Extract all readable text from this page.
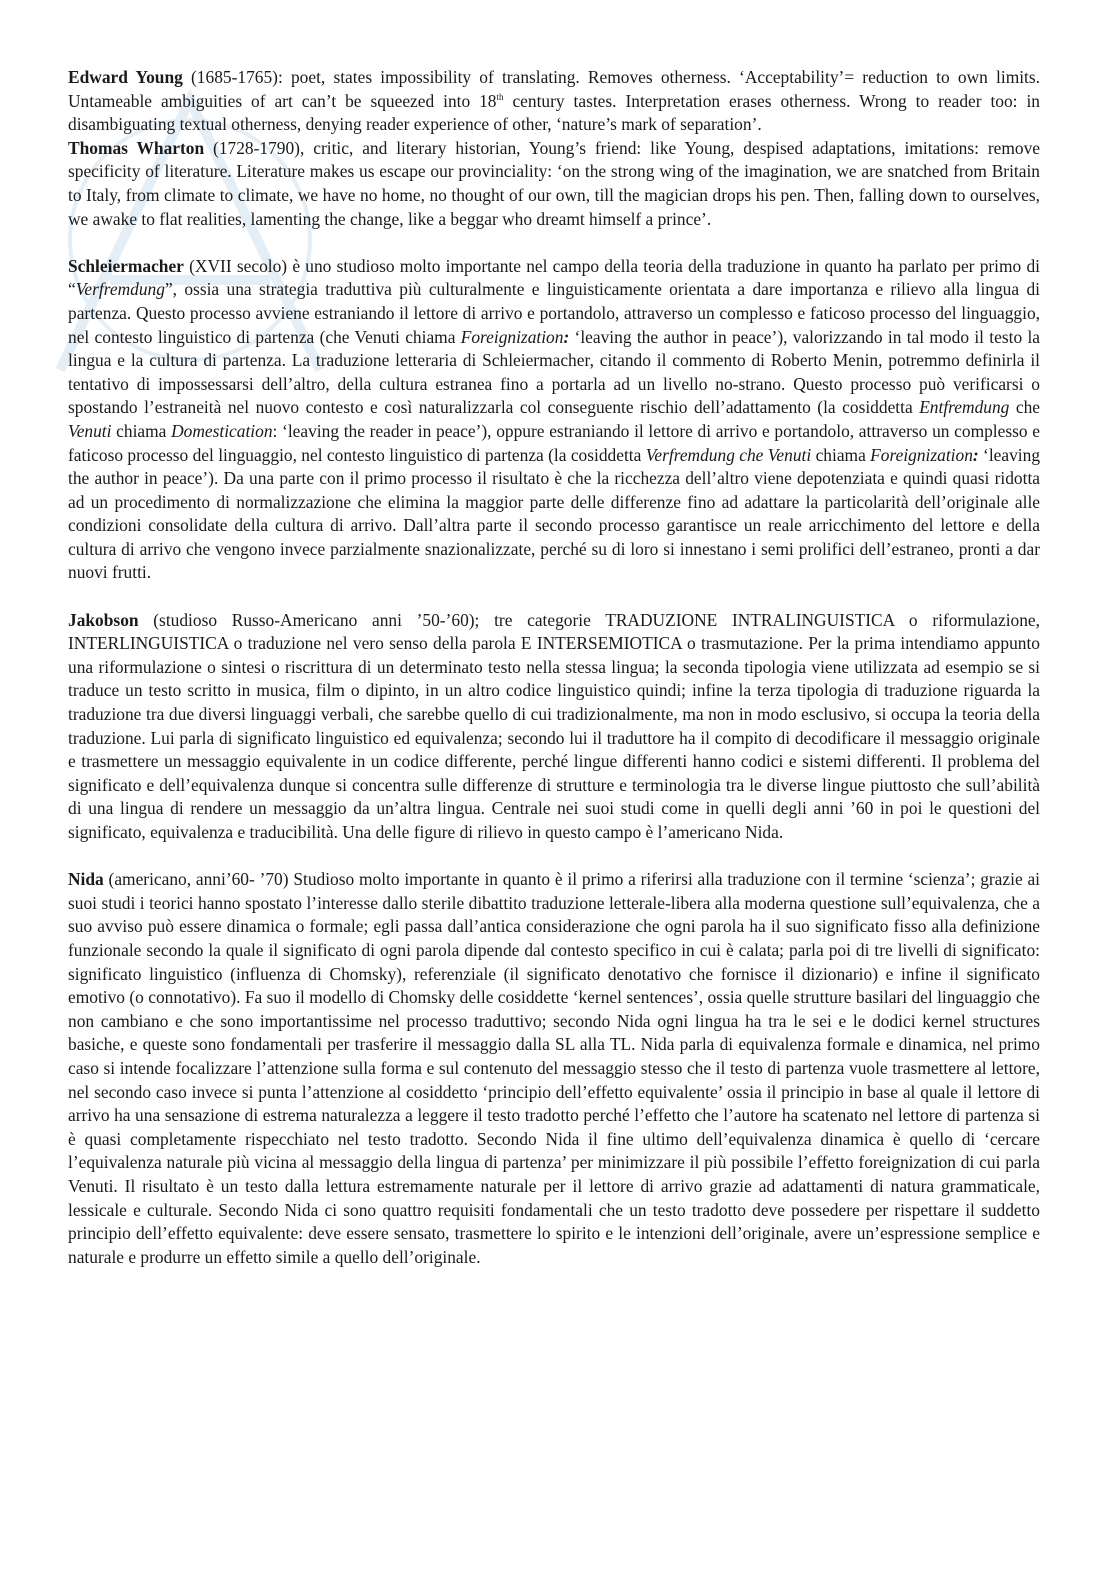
Edward Young (1685-1765): poet, states impossibility of translating. Removes otherness. ‘Acceptability’= reduction to own limits. Untameable ambiguities of art can’t be squeezed into 18th century tastes. Interpretation erases otherness. Wrong to reader too: in disambiguating textual otherness, denying reader experience of other, ‘nature’s mark of separation’.

Thomas Wharton (1728-1790), critic, and literary historian, Young’s friend: like Young, despised adaptations, imitations: remove specificity of literature. Literature makes us escape our provinciality: ‘on the strong wing of the imagination, we are snatched from Britain to Italy, from climate to climate, we have no home, no thought of our own, till the magician drops his pen. Then, falling down to ourselves, we awake to flat realities, lamenting the change, like a beggar who dreamt himself a prince’.

Schleiermacher (XVII secolo) è uno studioso molto importante nel campo della teoria della traduzione in quanto ha parlato per primo di “Verfremdung”, ossia una strategia traduttiva più culturalmente e linguisticamente orientata a dare importanza e rilievo alla lingua di partenza. Questo processo avviene estraniando il lettore di arrivo e portandolo, attraverso un complesso e faticoso processo del linguaggio, nel contesto linguistico di partenza (che Venuti chiama Foreignization: ‘leaving the author in peace’), valorizzando in tal modo il testo la lingua e la cultura di partenza. La traduzione letteraria di Schleiermacher, citando il commento di Roberto Menin, potremmo definirla il tentativo di impossessarsi dell’altro, della cultura estranea fino a portarla ad un livello no-strano. Questo processo può verificarsi o spostando l’estraneità nel nuovo contesto e così naturalizzarla col conseguente rischio dell’adattamento (la cosiddetta Entfremdung che Venuti chiama Domestication: ‘leaving the reader in peace’), oppure estraniando il lettore di arrivo e portandolo, attraverso un complesso e faticoso processo del linguaggio, nel contesto linguistico di partenza (la cosiddetta Verfremdung che Venuti chiama Foreignization: ‘leaving the author in peace’). Da una parte con il primo processo il risultato è che la ricchezza dell’altro viene depotenziata e quindi quasi ridotta ad un procedimento di normalizzazione che elimina la maggior parte delle differenze fino ad adattare la particolarità dell’originale alle condizioni consolidate della cultura di arrivo. Dall’altra parte il secondo processo garantisce un reale arricchimento del lettore e della cultura di arrivo che vengono invece parzialmente snazionalizzate, perché su di loro si innestano i semi prolifici dell’estraneo, pronti a dar nuovi frutti.

Jakobson (studioso Russo-Americano anni ’50-’60); tre categorie TRADUZIONE INTRALINGUISTICA o riformulazione, INTERLINGUISTICA o traduzione nel vero senso della parola E INTERSEMIOTICA o trasmutazione. Per la prima intendiamo appunto una riformulazione o sintesi o riscrittura di un determinato testo nella stessa lingua; la seconda tipologia viene utilizzata ad esempio se si traduce un testo scritto in musica, film o dipinto, in un altro codice linguistico quindi; infine la terza tipologia di traduzione riguarda la traduzione tra due diversi linguaggi verbali, che sarebbe quello di cui tradizionalmente, ma non in modo esclusivo, si occupa la teoria della traduzione. Lui parla di significato linguistico ed equivalenza; secondo lui il traduttore ha il compito di decodificare il messaggio originale e trasmettere un messaggio equivalente in un codice differente, perché lingue differenti hanno codici e sistemi differenti. Il problema del significato e dell’equivalenza dunque si concentra sulle differenze di strutture e terminologia tra le diverse lingue piuttosto che sull’abilità di una lingua di rendere un messaggio da un’altra lingua. Centrale nei suoi studi come in quelli degli anni ’60 in poi le questioni del significato, equivalenza e traducibilità. Una delle figure di rilievo in questo campo è l’americano Nida.

Nida (americano, anni’60- ’70) Studioso molto importante in quanto è il primo a riferirsi alla traduzione con il termine ‘scienza’; grazie ai suoi studi i teorici hanno spostato l’interesse dallo sterile dibattito traduzione letterale-libera alla moderna questione sull’equivalenza, che a suo avviso può essere dinamica o formale; egli passa dall’antica considerazione che ogni parola ha il suo significato fisso alla definizione funzionale secondo la quale il significato di ogni parola dipende dal contesto specifico in cui è calata; parla poi di tre livelli di significato: significato linguistico (influenza di Chomsky), referenziale (il significato denotativo che fornisce il dizionario) e infine il significato emotivo (o connotativo). Fa suo il modello di Chomsky delle cosiddette ‘kernel sentences’, ossia quelle strutture basilari del linguaggio che non cambiano e che sono importantissime nel processo traduttivo; secondo Nida ogni lingua ha tra le sei e le dodici kernel structures basiche, e queste sono fondamentali per trasferire il messaggio dalla SL alla TL. Nida parla di equivalenza formale e dinamica, nel primo caso si intende focalizzare l’attenzione sulla forma e sul contenuto del messaggio stesso che il testo di partenza vuole trasmettere al lettore, nel secondo caso invece si punta l’attenzione al cosiddetto ‘principio dell’effetto equivalente’ ossia il principio in base al quale il lettore di arrivo ha una sensazione di estrema naturalezza a leggere il testo tradotto perché l’effetto che l’autore ha scatenato nel lettore di partenza si è quasi completamente rispecchiato nel testo tradotto. Secondo Nida il fine ultimo dell’equivalenza dinamica è quello di ‘cercare l’equivalenza naturale più vicina al messaggio della lingua di partenza’ per minimizzare il più possibile l’effetto foreignization di cui parla Venuti. Il risultato è un testo dalla lettura estremamente naturale per il lettore di arrivo grazie ad adattamenti di natura grammaticale, lessicale e culturale. Secondo Nida ci sono quattro requisiti fondamentali che un testo tradotto deve possedere per rispettare il suddetto principio dell’effetto equivalente: deve essere sensato, trasmettere lo spirito e le intenzioni dell’originale, avere un’espressione semplice e naturale e produrre un effetto simile a quello dell’originale.
